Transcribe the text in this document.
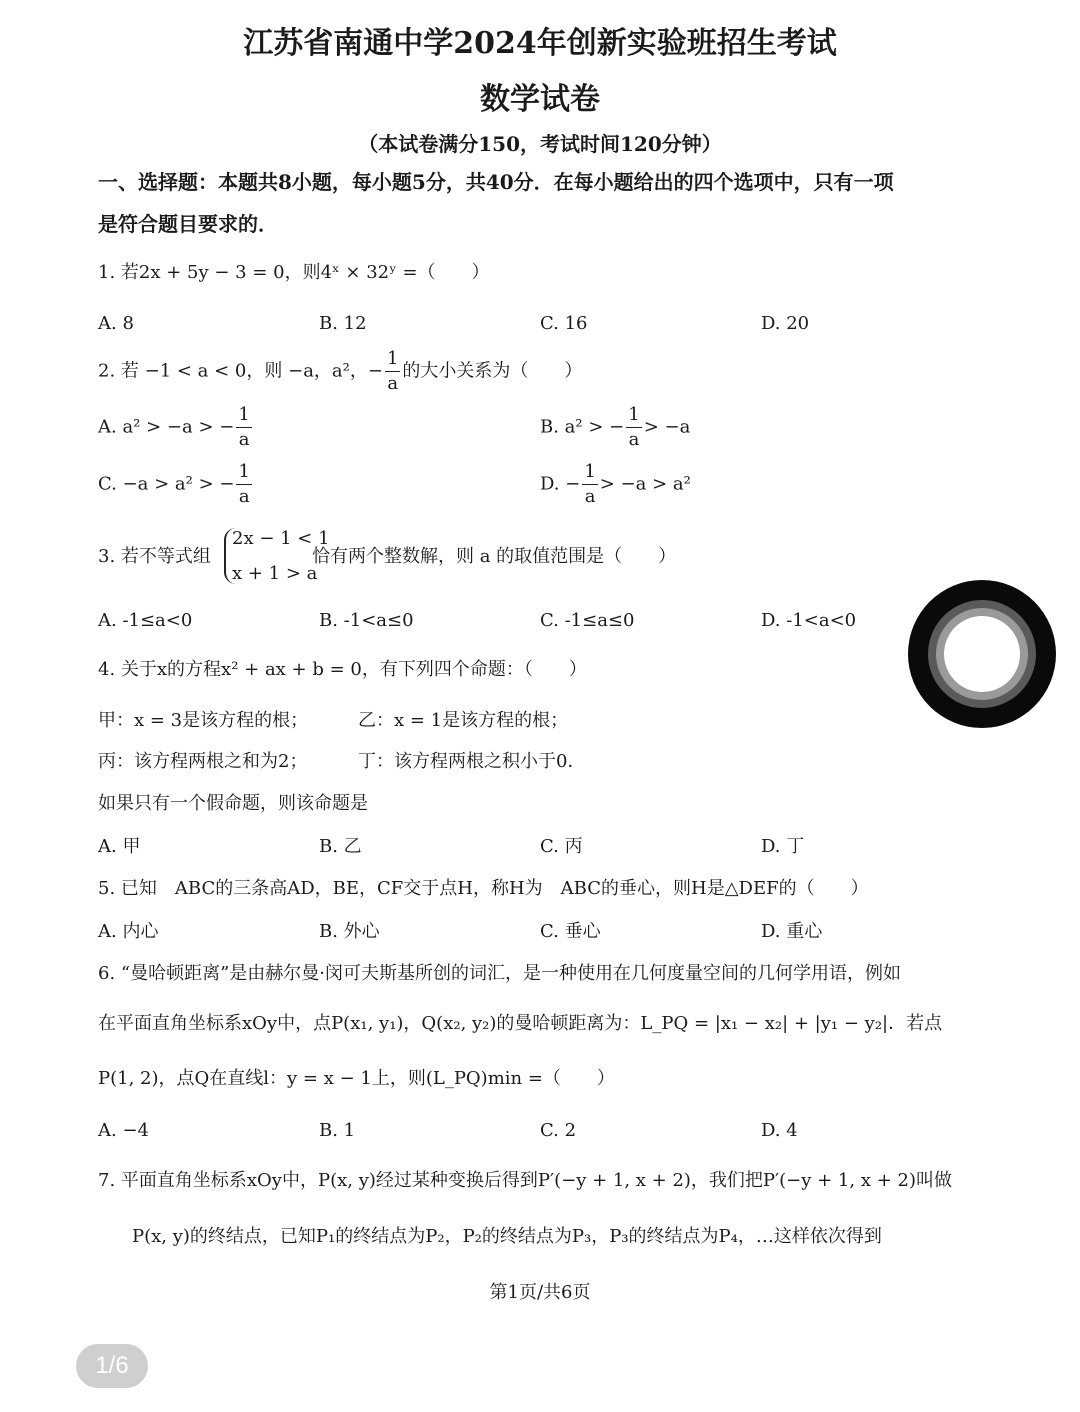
江苏省南通中学2024年创新实验班招生考试
数学试卷
（本试卷满分150，考试时间120分钟）
一、选择题：本题共8小题，每小题5分，共40分．在每小题给出的四个选项中，只有一项
是符合题目要求的．
1. 若2x + 5y − 3 = 0，则4ˣ × 32ʸ =（　　）
A. 8	B. 12	C. 16	D. 20
2. 若 −1 < a < 0，则 −a，a²，− $\frac{1}{a}$ 的大小关系为（　　）
A. a² > −a > − $\frac{1}{a}$	B. a² > − $\frac{1}{a} > -a$
C. −a > a² > − $\frac{1}{a}$	D. − $\frac{1}{a} > -a > a^2$
3. 若不等式组
2x − 1 < 1
x + 1 > a
恰有两个整数解，则 a 的取值范围是（　　）
A. -1≤a<0	B. -1<a≤0	C. -1≤a≤0	D. -1<a<0
4. 关于x的方程x² + ax + b = 0，有下列四个命题：（　　）
甲：x = 3是该方程的根；	乙：x = 1是该方程的根；
丙：该方程两根之和为2；	丁：该方程两根之积小于0．
如果只有一个假命题，则该命题是
A. 甲	B. 乙	C. 丙	D. 丁
5. 已知　ABC的三条高AD，BE，CF交于点H，称H为　ABC的垂心，则H是△DEF的（　　）
A. 内心	B. 外心	C. 垂心	D. 重心
6. “曼哈顿距离”是由赫尔曼·闵可夫斯基所创的词汇，是一种使用在几何度量空间的几何学用语，例如
在平面直角坐标系xOy中，点P(x₁, y₁)，Q(x₂, y₂)的曼哈顿距离为：L_PQ = |x₁ − x₂| + |y₁ − y₂|．若点
P(1, 2)，点Q在直线l：y = x − 1上，则(L_PQ)min =（　　）
A. −4	B. 1	C. 2	D. 4
7. 平面直角坐标系xOy中，P(x, y)经过某种变换后得到P′(−y + 1, x + 2)，我们把P′(−y + 1, x + 2)叫做
P(x, y)的终结点，已知P₁的终结点为P₂，P₂的终结点为P₃，P₃的终结点为P₄，…这样依次得到
第1页/共6页
1/6
